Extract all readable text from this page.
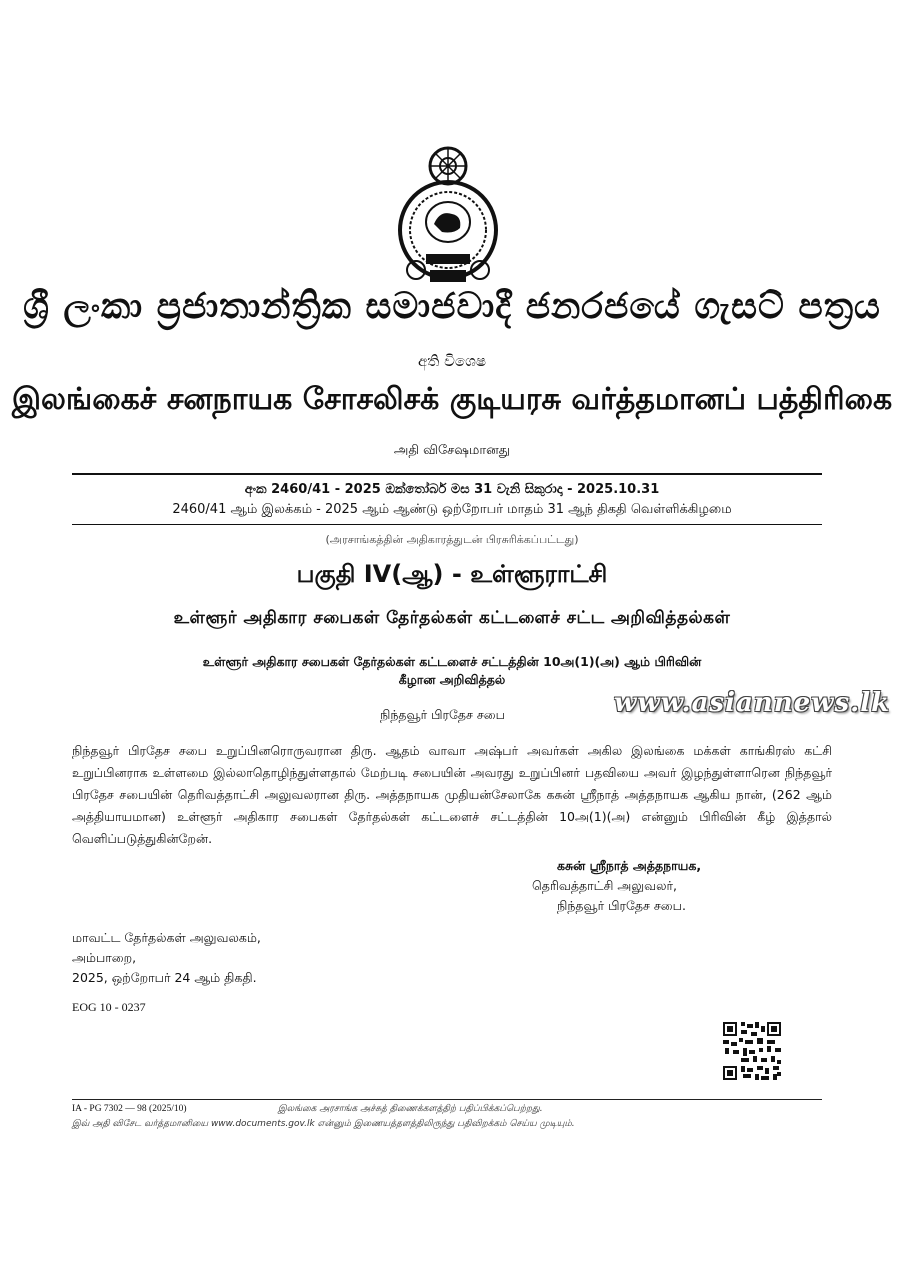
ශ්‍රී ලංකා ප්‍රජාතාන්ත්‍රික සමාජවාදී ජනරජයේ ගැසට් පත්‍රය
අති විශෙෂ
இலங்கைச் சனநாயக சோசலிசக் குடியரசு வர்த்தமானப் பத்திரிகை
அதி விசேஷமானது
අංක 2460/41 - 2025 ඔක්තෝබර් මස 31 වැනි සිකුරාදා - 2025.10.31
2460/41 ஆம் இலக்கம் - 2025 ஆம் ஆண்டு ஒற்றோபர் மாதம் 31 ஆந் திகதி வெள்ளிக்கிழமை
(அரசாங்கத்தின் அதிகாரத்துடன் பிரசுரிக்கப்பட்டது)
பகுதி IV(ஆ) - உள்ளூராட்சி
உள்ளூர் அதிகார சபைகள் தேர்தல்கள் கட்டளைச் சட்ட அறிவித்தல்கள்
உள்ளூர் அதிகார சபைகள் தேர்தல்கள் கட்டளைச் சட்டத்தின் 10அ(1)(அ) ஆம் பிரிவின்
கீழான அறிவித்தல்
நிந்தவூர் பிரதேச சபை	www.asiannews.lk
நிந்தவூர் பிரதேச சபை உறுப்பினரொருவரான திரு. ஆதம் வாவா அஷ்பர் அவர்கள் அகில இலங்கை மக்கள் காங்கிரஸ் கட்சி உறுப்பினராக உள்ளமை இல்லாதொழிந்துள்ளதால் மேற்படி சபையின் அவரது உறுப்பினர் பதவியை அவர் இழந்துள்ளாரென நிந்தவூர் பிரதேச சபையின் தெரிவத்தாட்சி அலுவலரான திரு. அத்தநாயக முதியன்சேலாகே கசுன் ஸ்ரீநாத் அத்தநாயக ஆகிய நான், (262 ஆம் அத்தியாயமான) உள்ளூர் அதிகார சபைகள் தேர்தல்கள் கட்டளைச் சட்டத்தின் 10அ(1)(அ) என்னும் பிரிவின் கீழ் இத்தால் வெளிப்படுத்துகின்றேன்.
கசுன் ஸ்ரீநாத் அத்தநாயக,
தெரிவத்தாட்சி அலுவலர்,
நிந்தவூர் பிரதேச சபை.
மாவட்ட தேர்தல்கள் அலுவலகம்,
அம்பாறை,
2025, ஒற்றோபர் 24 ஆம் திகதி.
EOG 10 - 0237
IA - PG 7302 — 98 (2025/10)	இலங்கை அரசாங்க அச்சுத் திணைக்களத்திற் பதிப்பிக்கப்பெற்றது.
இவ் அதி விசேட வர்த்தமானியை www.documents.gov.lk என்னும் இணையத்தளத்திலிருந்து பதிவிறக்கம் செய்ய முடியும்.
